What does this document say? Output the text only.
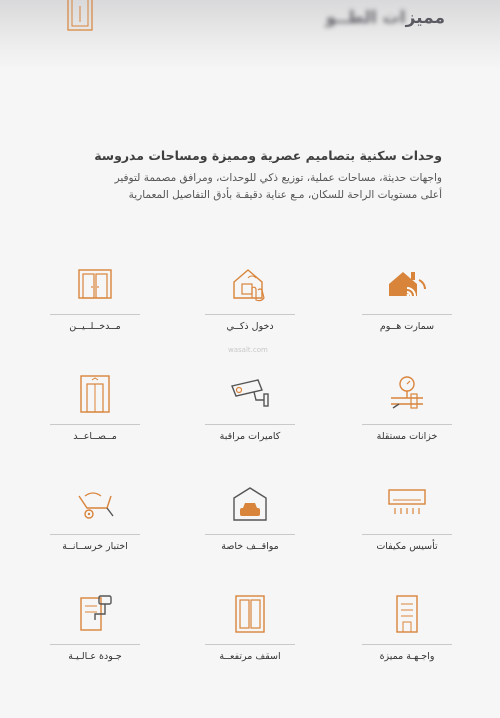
مميزات الطــو
وحدات سكنية بتصاميم عصرية ومميزة ومساحات مدروسة

واجهات حديثة، مساحات عملية، توزيع ذكي للوحدات، ومرافق مصممة لتوفير

أعلى مستويات الراحة للسكان، مـع عناية دقيقـة بأدق التفاصيل المعمارية

wasalt.com
سمارت هــوم
دخول ذكــي
مــدخــلــيــن
خزانات مستقلة
كاميرات مراقبة
مــصــاعــد
تأسيس مكيفات
مواقــف خاصة
اختبار خرســانــة
واجـهـة مميزة
اسقف مرتفعــة
جـودة عـالـيـة
